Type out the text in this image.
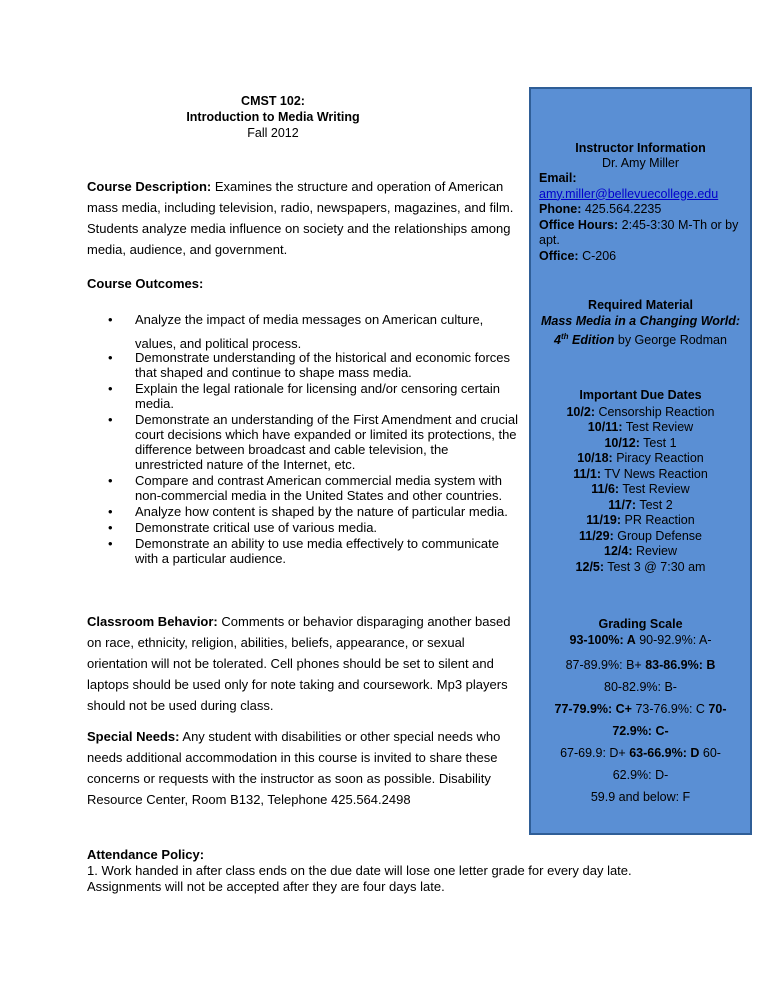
CMST 102:
Introduction to Media Writing
Fall 2012
Course Description: Examines the structure and operation of American mass media, including television, radio, newspapers, magazines, and film. Students analyze media influence on society and the relationships among media, audience, and government.
Course Outcomes:
• Analyze the impact of media messages on American culture, values, and political process.
• Demonstrate understanding of the historical and economic forces that shaped and continue to shape mass media.
• Explain the legal rationale for licensing and/or censoring certain media.
• Demonstrate an understanding of the First Amendment and crucial court decisions which have expanded or limited its protections, the difference between broadcast and cable television, the unrestricted nature of the Internet, etc.
• Compare and contrast American commercial media system with non-commercial media in the United States and other countries.
• Analyze how content is shaped by the nature of particular media.
• Demonstrate critical use of various media.
• Demonstrate an ability to use media effectively to communicate with a particular audience.
Classroom Behavior: Comments or behavior disparaging another based on race, ethnicity, religion, abilities, beliefs, appearance, or sexual orientation will not be tolerated. Cell phones should be set to silent and laptops should be used only for note taking and coursework. Mp3 players should not be used during class.
Special Needs: Any student with disabilities or other special needs who needs additional accommodation in this course is invited to share these concerns or requests with the instructor as soon as possible. Disability Resource Center, Room B132, Telephone 425.564.2498
Instructor Information
Dr. Amy Miller
Email:
amy.miller@bellevuecollege.edu
Phone: 425.564.2235
Office Hours: 2:45-3:30 M-Th or by apt.
Office: C-206
Required Material
Mass Media in a Changing World:
4th Edition by George Rodman
Important Due Dates
10/2: Censorship Reaction
10/11: Test Review
10/12: Test 1
10/18: Piracy Reaction
11/1: TV News Reaction
11/6: Test Review
11/7: Test 2
11/19: PR Reaction
11/29: Group Defense
12/4: Review
12/5: Test 3 @ 7:30 am
Grading Scale
93-100%: A 90-92.9%: A-
87-89.9%: B+ 83-86.9%: B
80-82.9%: B-
77-79.9%: C+ 73-76.9%: C 70-
72.9%: C-
67-69.9: D+ 63-66.9%: D 60-
62.9%: D-
59.9 and below: F
Attendance Policy:
1. Work handed in after class ends on the due date will lose one letter grade for every day late. Assignments will not be accepted after they are four days late.
